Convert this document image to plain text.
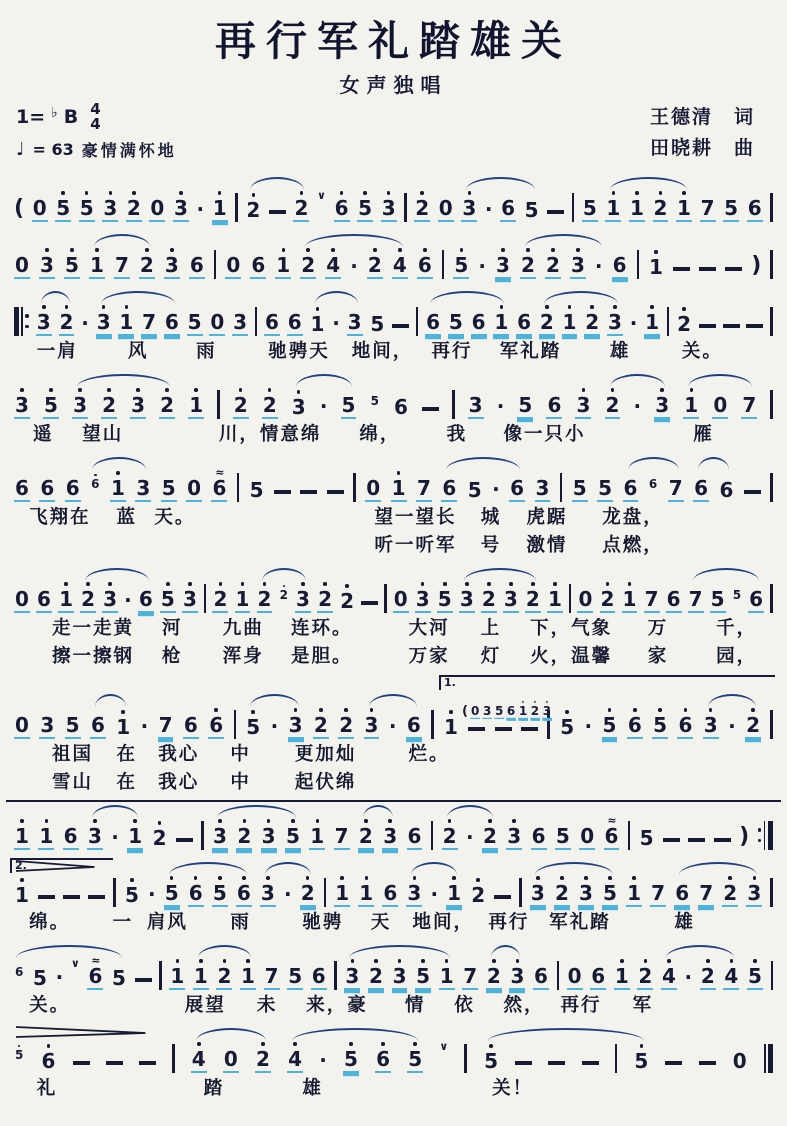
再行军礼踏雄关
女声独唱
1= ♭ B 4
4
♩ = 63 豪情满怀地
王德清　词
田晓耕　曲
( 0 5 5 3 2 0 3 · 1 2 2
∨
6 5 3 2 0 3 · 6 5 5 1 1 2 1 7 5 6
0 3 5 1 7 2 3 6 0 6 1 2 4 · 2 4 6 5 · 3 2 2 3 · 6 1	)
3 2 · 3 1 7 6 5 0 3 6 6 1 · 3 5 6 5 6 1 6 2 1 2 3 · 1 2
一肩	风	雨	驰骋天 地间， 再行 军礼踏	雄	关。
3 5 3 2 3 2 1 2 2 3 · 5 5 6	3 · 5 6 3 2 · 3 1 0 7
遥 望山	川，情意绵 绵，	我 像一只小	雁
6 6 6 6 1 3 5 0
≈
6 5	0 1 7 6 5 · 6 3 5 5 6 6 7 6 6
飞翔在 蓝 天。	望一望长 城 虎踞 龙盘，
听一听军 号 激情 点燃，
0 6 1 2 3 · 6 5 3 2 1 2 2 3 2 2 0 3 5 3 2 3 2 1 0 2 1 7 6 7 5 5 6
走一走黄 河 九曲 连环。	大河 上 下，气象 万	千，
擦一擦钢 枪 浑身 是胆。	万家 灯 火，温馨 家	园，
0 3 5 6 1 · 7 6 6 5 · 3 2 2 3 · 6 1	5 · 5 6 5 6 3 · 2
1.
( 0 3 5 6 1 2 3
祖国 在 我心 中 更加灿	烂。
雪山 在 我心 中 起伏绵
1 1 6 3 · 1 2 3 2 3 5 1 7 2 3 6 2 · 2 3 6 5 0
≈
6 5	)
1	5 · 5 6 5 6 3 · 2 1 1 6 3 · 1 2 3 2 3 5 1 7 6 7 2 3
2.
绵。 一 肩风 雨	驰骋 天 地间， 再行 军礼踏	雄
6 5 ·
∨ ≈
6 5 1 1 2 1 7 5 6 3 2 3 5 1 7 2 3 6 0 6 1 2 4 · 2 4 5
关。	展望 未 来，豪 情 依 然， 再行 军
5 6	4 0 2 4 · 5 6 5
∨
5	5	0
礼	踏	雄	关！
